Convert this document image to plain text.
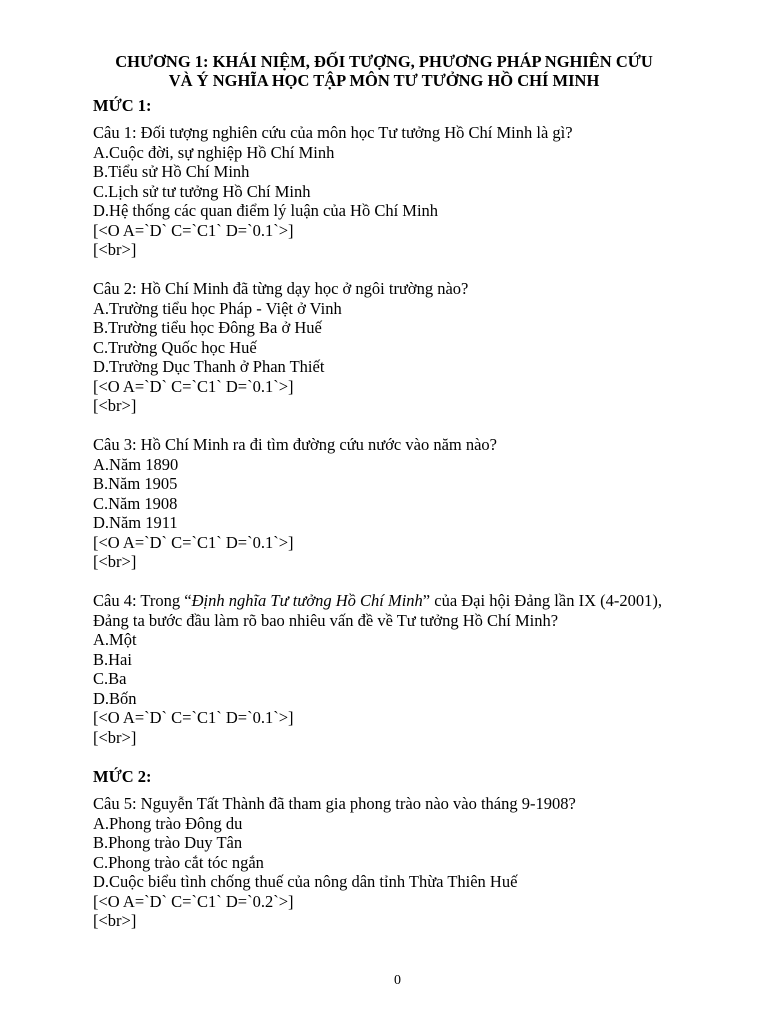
CHƯƠNG 1: KHÁI NIỆM, ĐỐI TƯỢNG, PHƯƠNG PHÁP NGHIÊN CỨU
VÀ Ý NGHĨA HỌC TẬP MÔN TƯ TƯỞNG HỒ CHÍ MINH
MỨC 1:
Câu 1: Đối tượng nghiên cứu của môn học Tư tưởng Hồ Chí Minh là gì?
A.Cuộc đời, sự nghiệp Hồ Chí Minh
B.Tiểu sử Hồ Chí Minh
C.Lịch sử tư tưởng Hồ Chí Minh
D.Hệ thống các quan điểm lý luận của Hồ Chí Minh
[<O A=`D` C=`C1` D=`0.1`>]
[<br>]
Câu 2: Hồ Chí Minh đã từng dạy học ở ngôi trường nào?
A.Trường tiểu học Pháp - Việt ở Vinh
B.Trường tiểu học Đông Ba ở Huế
C.Trường Quốc học Huế
D.Trường Dục Thanh ở Phan Thiết
[<O A=`D` C=`C1` D=`0.1`>]
[<br>]
Câu 3: Hồ Chí Minh ra đi tìm đường cứu nước vào năm nào?
A.Năm 1890
B.Năm 1905
C.Năm 1908
D.Năm 1911
[<O A=`D` C=`C1` D=`0.1`>]
[<br>]
Câu 4: Trong “Định nghĩa Tư tưởng Hồ Chí Minh” của Đại hội Đảng lần IX (4-2001), Đảng ta bước đầu làm rõ bao nhiêu vấn đề về Tư tưởng Hồ Chí Minh?
A.Một
B.Hai
C.Ba
D.Bốn
[<O A=`D` C=`C1` D=`0.1`>]
[<br>]
MỨC 2:
Câu 5: Nguyễn Tất Thành đã tham gia phong trào nào vào tháng 9-1908?
A.Phong trào Đông du
B.Phong trào Duy Tân
C.Phong trào cắt tóc ngắn
D.Cuộc biểu tình chống thuế của nông dân tỉnh Thừa Thiên Huế
[<O A=`D` C=`C1` D=`0.2`>]
[<br>]
0
